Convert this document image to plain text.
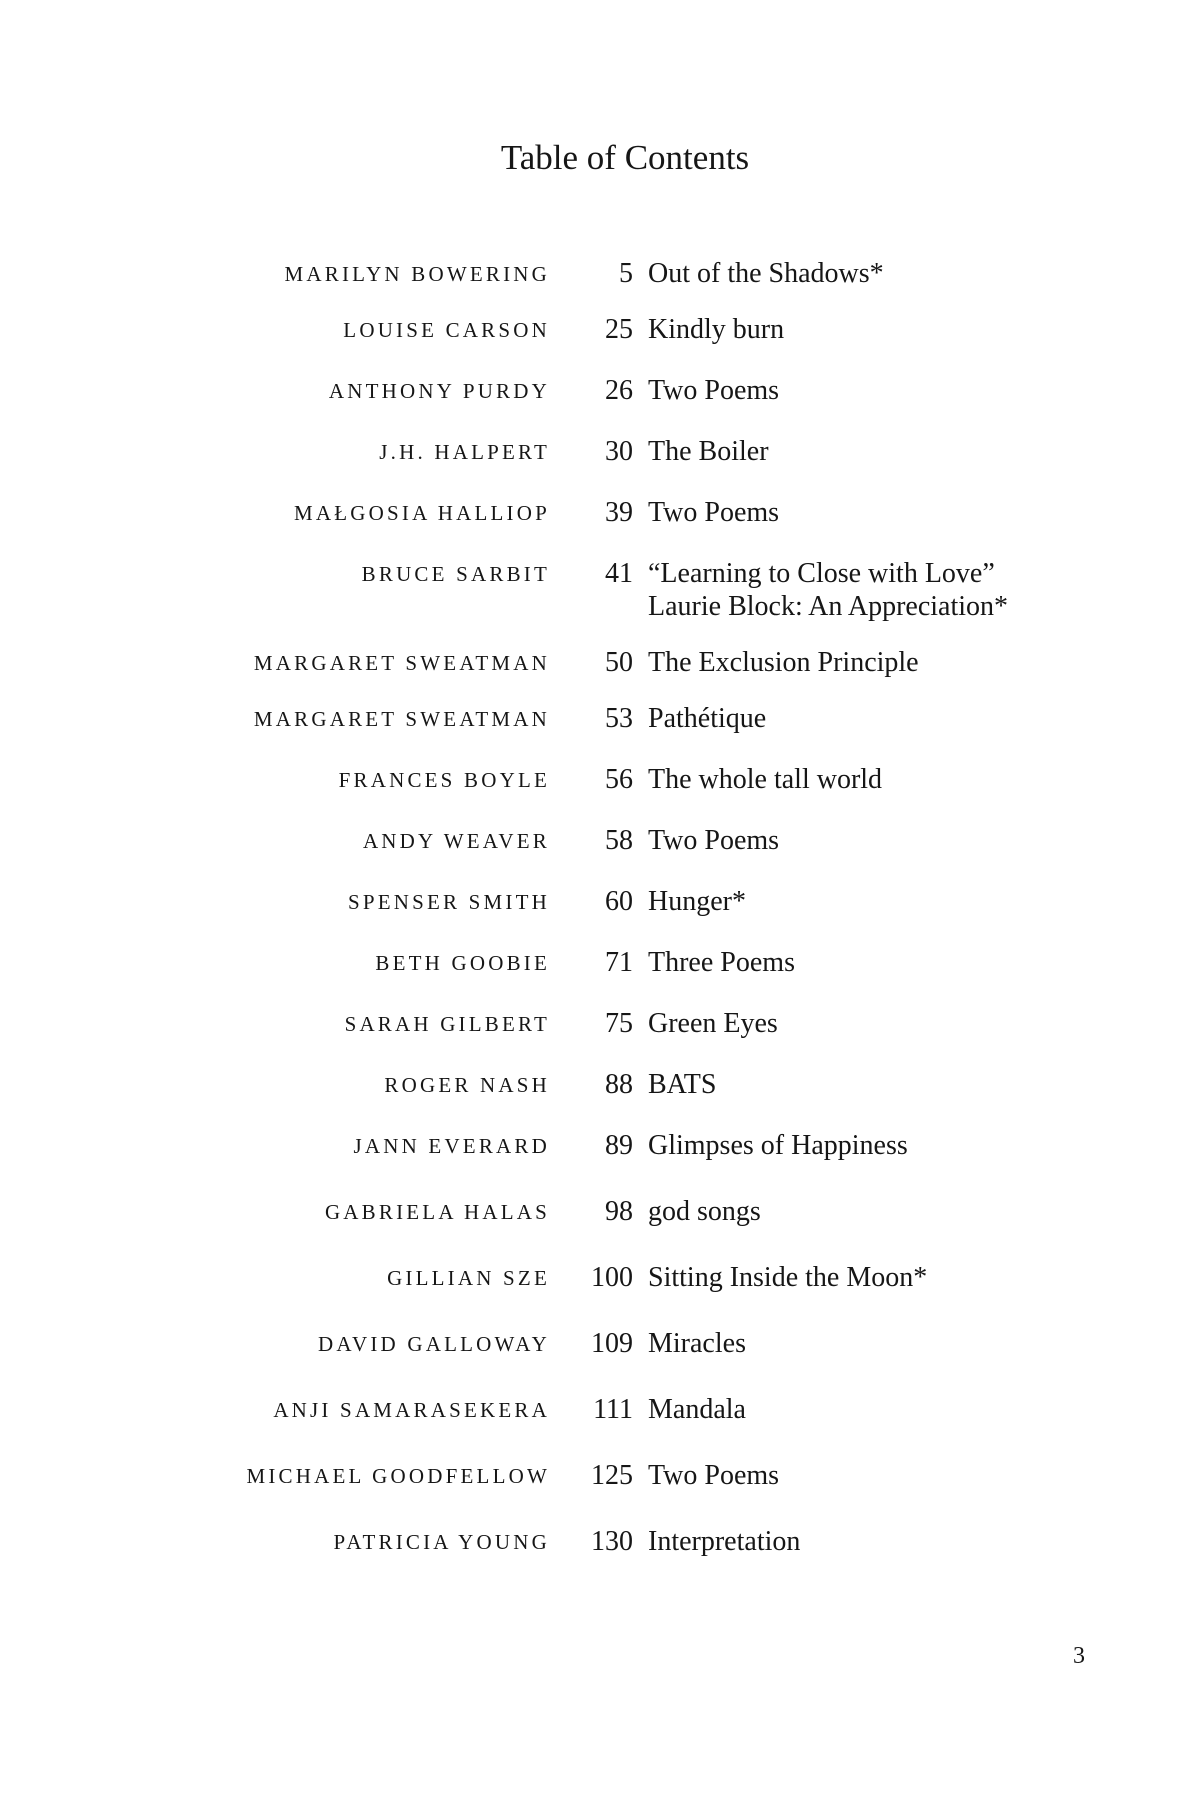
Table of Contents
MARILYN BOWERING	5 Out of the Shadows*
LOUISE CARSON	25 Kindly burn
ANTHONY PURDY	26 Two Poems
J.H. HALPERT	30 The Boiler
MAŁGOSIA HALLIOP	39 Two Poems
BRUCE SARBIT	41 “Learning to Close with Love”
Laurie Block: An Appreciation*
MARGARET SWEATMAN	50 The Exclusion Principle
MARGARET SWEATMAN	53 Pathétique
FRANCES BOYLE	56 The whole tall world
ANDY WEAVER	58 Two Poems
SPENSER SMITH	60 Hunger*
BETH GOOBIE	71 Three Poems
SARAH GILBERT	75 Green Eyes
ROGER NASH	88 BATS
JANN EVERARD	89 Glimpses of Happiness
GABRIELA HALAS	98 god songs
GILLIAN SZE	100 Sitting Inside the Moon*
DAVID GALLOWAY	109 Miracles
ANJI SAMARASEKERA	111 Mandala
MICHAEL GOODFELLOW	125 Two Poems
PATRICIA YOUNG	130 Interpretation
3
